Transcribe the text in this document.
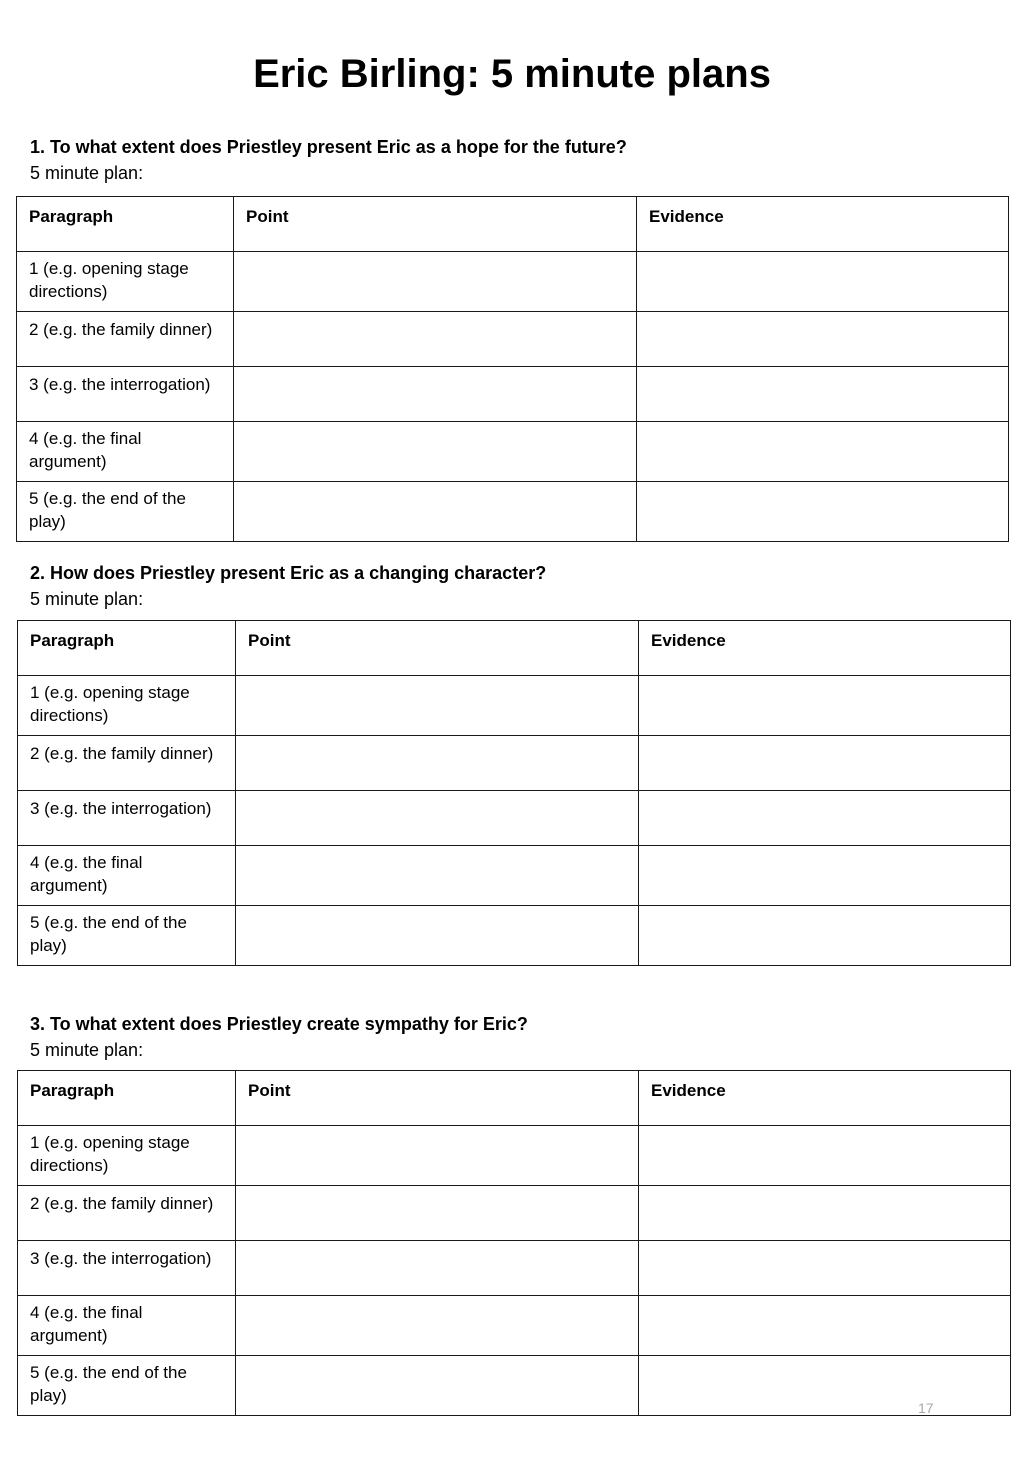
Eric Birling: 5 minute plans

1. To what extent does Priestley present Eric as a hope for the future?

5 minute plan:

Paragraph	Point	Evidence
1 (e.g. opening stage directions)		
2 (e.g. the family dinner)		
3 (e.g. the interrogation)		
4 (e.g. the final argument)		
5 (e.g. the end of the play)		

2. How does Priestley present Eric as a changing character?

5 minute plan:

Paragraph	Point	Evidence
1 (e.g. opening stage directions)		
2 (e.g. the family dinner)		
3 (e.g. the interrogation)		
4 (e.g. the final argument)		
5 (e.g. the end of the play)		

3. To what extent does Priestley create sympathy for Eric?

5 minute plan:

Paragraph	Point	Evidence
1 (e.g. opening stage directions)		
2 (e.g. the family dinner)		
3 (e.g. the interrogation)		
4 (e.g. the final argument)		
5 (e.g. the end of the play)		
17
